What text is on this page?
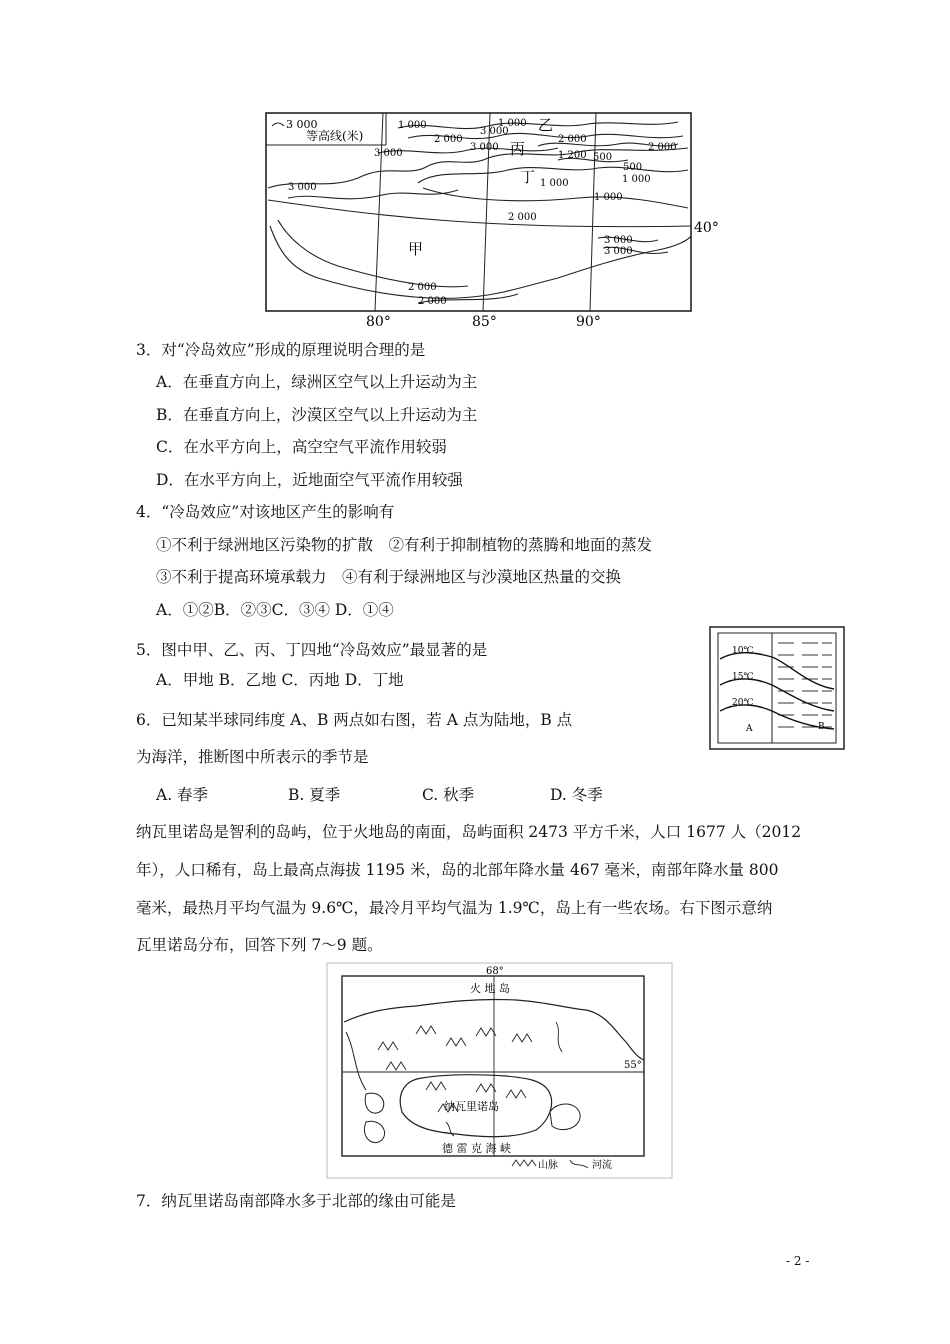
3 000
等高线(米)
1 000	1 000
2 000
3 000
3 000
3 000
2 000
1 200 500
500
2 000
1 000
1 000
2 000
3 000
3 000
2 000
1 000
3 000
2 000
甲
乙
丙
丁
80°	85°	90°
40°
3．对“冷岛效应”形成的原理说明合理的是
A．在垂直方向上，绿洲区空气以上升运动为主
B．在垂直方向上，沙漠区空气以上升运动为主
C．在水平方向上，高空空气平流作用较弱
D．在水平方向上，近地面空气平流作用较强
4．“冷岛效应”对该地区产生的影响有
①不利于绿洲地区污染物的扩散　②有利于抑制植物的蒸腾和地面的蒸发
③不利于提高环境承载力　④有利于绿洲地区与沙漠地区热量的交换
A．①②B．②③C．③④ D．①④
10℃
15℃
20℃
A	B
5．图中甲、乙、丙、丁四地“冷岛效应”最显著的是
A．甲地 B．乙地 C．丙地 D．丁地
6．已知某半球同纬度 A、B 两点如右图，若 A 点为陆地，B 点
为海洋，推断图中所表示的季节是
A. 春季	B. 夏季	C. 秋季	D. 冬季
纳瓦里诺岛是智利的岛屿，位于火地岛的南面，岛屿面积 2473 平方千米，人口 1677 人（2012
年），人口稀有，岛上最高点海拔 1195 米，岛的北部年降水量 467 毫米，南部年降水量 800
毫米，最热月平均气温为 9.6℃，最冷月平均气温为 1.9℃，岛上有一些农场。右下图示意纳
瓦里诺岛分布，回答下列 7～9 题。
68°
55°
火 地 岛
纳瓦里诺岛
德 雷 克 海 峡
山脉	河流
7．纳瓦里诺岛南部降水多于北部的缘由可能是
- 2 -
